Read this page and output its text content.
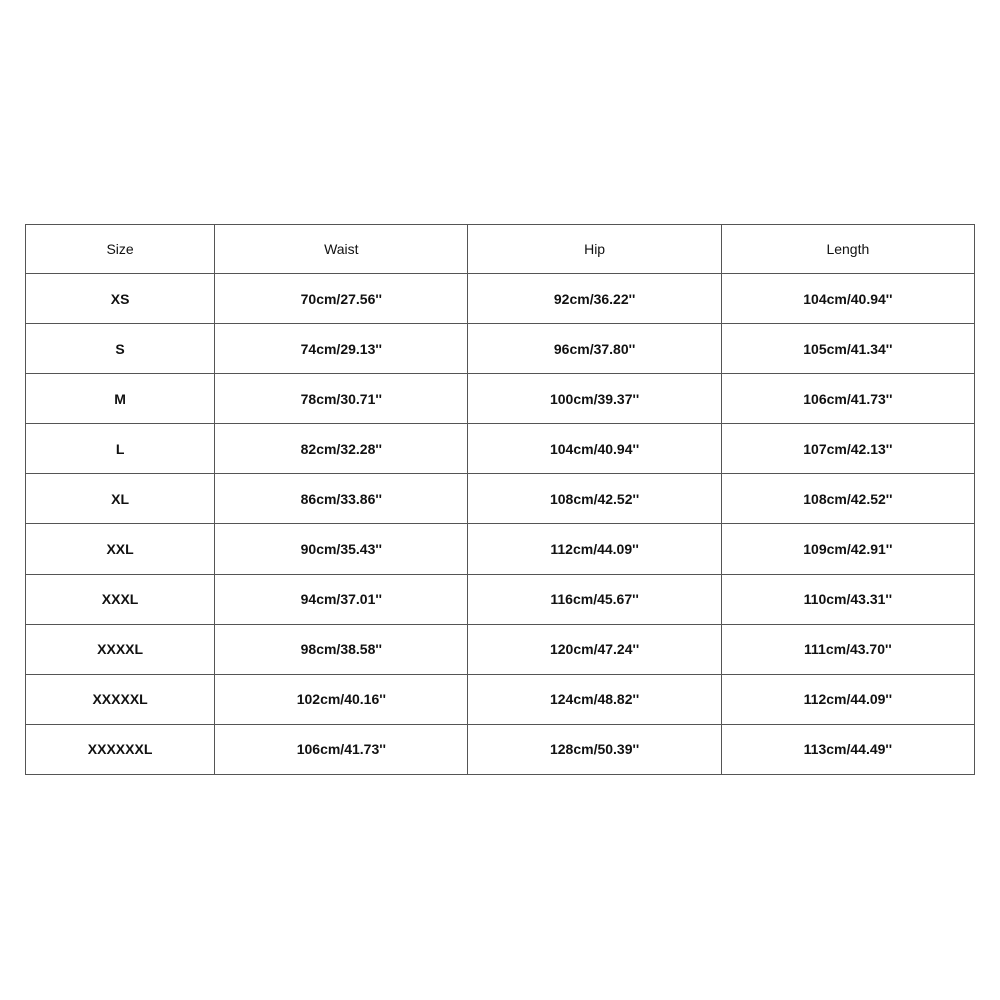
Size	Waist	Hip	Length
XS	70cm/27.56''	92cm/36.22''	104cm/40.94''
S	74cm/29.13''	96cm/37.80''	105cm/41.34''
M	78cm/30.71''	100cm/39.37''	106cm/41.73''
L	82cm/32.28''	104cm/40.94''	107cm/42.13''
XL	86cm/33.86''	108cm/42.52''	108cm/42.52''
XXL	90cm/35.43''	112cm/44.09''	109cm/42.91''
XXXL	94cm/37.01''	116cm/45.67''	110cm/43.31''
XXXXL	98cm/38.58''	120cm/47.24''	111cm/43.70''
XXXXXL	102cm/40.16''	124cm/48.82''	112cm/44.09''
XXXXXXL	106cm/41.73''	128cm/50.39''	113cm/44.49''
